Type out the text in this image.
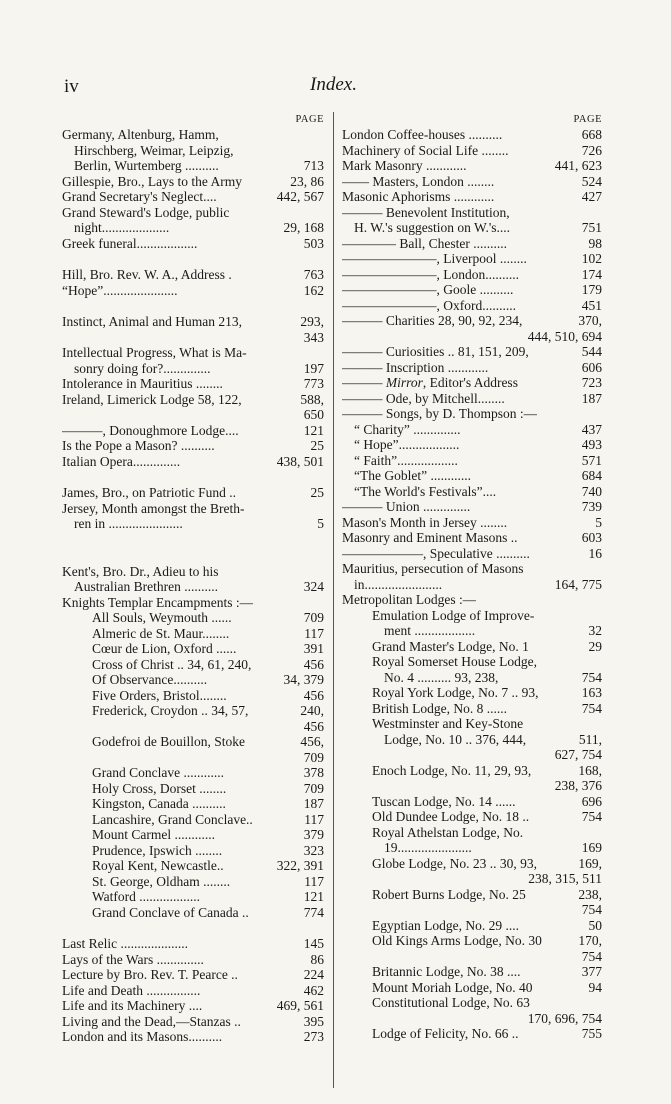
iv	Index.
PAGE
Germany, Altenburg, Hamm,
Hirschberg, Weimar, Leipzig,
Berlin, Wurtemberg ..........	713
Gillespie, Bro., Lays to the Army	23, 86
Grand Secretary's Neglect....	442, 567
Grand Steward's Lodge, public
night....................	29, 168
Greek funeral..................	503
Hill, Bro. Rev. W. A., Address .	763
“Hope”......................	162
Instinct, Animal and Human 213,	293,
343
Intellectual Progress, What is Ma-
sonry doing for?..............	197
Intolerance in Mauritius ........	773
Ireland, Limerick Lodge 58, 122,	588,
650
———, Donoughmore Lodge....	121
Is the Pope a Mason? ..........	25
Italian Opera..............	438, 501
James, Bro., on Patriotic Fund ..	25
Jersey, Month amongst the Breth-
ren in ......................	5
Kent's, Bro. Dr., Adieu to his
Australian Brethren ..........	324
Knights Templar Encampments :—
All Souls, Weymouth ......	709
Almeric de St. Maur........	117
Cœur de Lion, Oxford ......	391
Cross of Christ .. 34, 61, 240,	456
Of Observance..........	34, 379
Five Orders, Bristol........	456
Frederick, Croydon .. 34, 57,	240,
456
Godefroi de Bouillon, Stoke	456,
709
Grand Conclave ............	378
Holy Cross, Dorset ........	709
Kingston, Canada ..........	187
Lancashire, Grand Conclave..	117
Mount Carmel ............	379
Prudence, Ipswich ........	323
Royal Kent, Newcastle..	322, 391
St. George, Oldham ........	117
Watford ..................	121
Grand Conclave of Canada ..	774
Last Relic ....................	145
Lays of the Wars ..............	86
Lecture by Bro. Rev. T. Pearce ..	224
Life and Death ................	462
Life and its Machinery ....	469, 561
Living and the Dead,—Stanzas ..	395
London and its Masons..........	273
PAGE
London Coffee-houses ..........	668
Machinery of Social Life ........	726
Mark Masonry ............	441, 623
—— Masters, London ........	524
Masonic Aphorisms ............	427
——— Benevolent Institution,
H. W.'s suggestion on W.'s....	751
———— Ball, Chester ..........	98
———————, Liverpool ........	102
———————, London..........	174
———————, Goole ..........	179
———————, Oxford..........	451
——— Charities 28, 90, 92, 234,	370,
444, 510, 694
——— Curiosities .. 81, 151, 209,	544
——— Inscription ............	606
——— Mirror, Editor's Address	723
——— Ode, by Mitchell........	187
——— Songs, by D. Thompson :—
“ Charity” ..............	437
“ Hope”..................	493
“ Faith”..................	571
“The Goblet” ............	684
“The World's Festivals”....	740
——— Union ..............	739
Mason's Month in Jersey ........	5
Masonry and Eminent Masons ..	603
——————, Speculative ..........	16
Mauritius, persecution of Masons
in.......................	164, 775
Metropolitan Lodges :—
Emulation Lodge of Improve-
ment ..................	32
Grand Master's Lodge, No. 1	29
Royal Somerset House Lodge,
No. 4 .......... 93, 238,	754
Royal York Lodge, No. 7 .. 93,	163
British Lodge, No. 8 ......	754
Westminster and Key-Stone
Lodge, No. 10 .. 376, 444,	511,
627, 754
Enoch Lodge, No. 11, 29, 93,	168,
238, 376
Tuscan Lodge, No. 14 ......	696
Old Dundee Lodge, No. 18 ..	754
Royal Athelstan Lodge, No.
19......................	169
Globe Lodge, No. 23 .. 30, 93,	169,
238, 315, 511
Robert Burns Lodge, No. 25	238,
754
Egyptian Lodge, No. 29 ....	50
Old Kings Arms Lodge, No. 30	170,
754
Britannic Lodge, No. 38 ....	377
Mount Moriah Lodge, No. 40	94
Constitutional Lodge, No. 63
170, 696, 754
Lodge of Felicity, No. 66 ..	755
